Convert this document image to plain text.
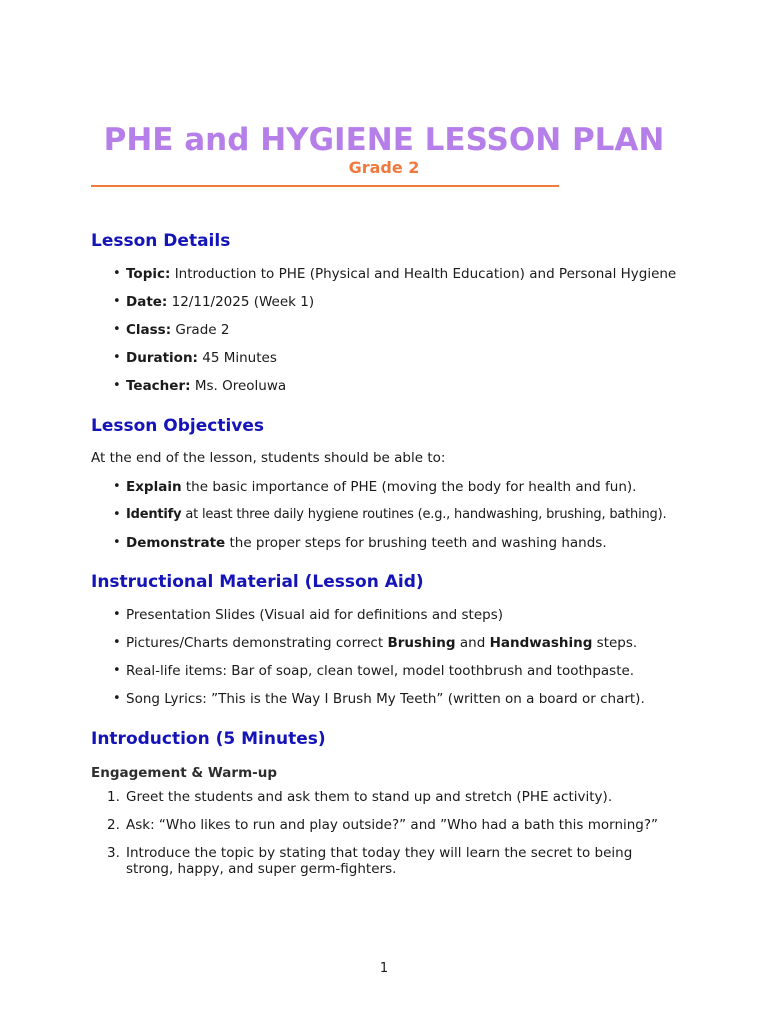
PHE and HYGIENE LESSON PLAN
Grade 2
Lesson Details
• Topic: Introduction to PHE (Physical and Health Education) and Personal Hygiene
• Date: 12/11/2025 (Week 1)
• Class: Grade 2
• Duration: 45 Minutes
• Teacher: Ms. Oreoluwa
Lesson Objectives

At the end of the lesson, students should be able to:

• Explain the basic importance of PHE (moving the body for health and fun).
• Identify at least three daily hygiene routines (e.g., handwashing, brushing, bathing).
• Demonstrate the proper steps for brushing teeth and washing hands.
Instructional Material (Lesson Aid)
• Presentation Slides (Visual aid for definitions and steps)
• Pictures/Charts demonstrating correct Brushing and Handwashing steps.
• Real-life items: Bar of soap, clean towel, model toothbrush and toothpaste.
• Song Lyrics: ”This is the Way I Brush My Teeth” (written on a board or chart).
Introduction (5 Minutes)
Engagement & Warm-up
1. Greet the students and ask them to stand up and stretch (PHE activity).
2. Ask: “Who likes to run and play outside?” and ”Who had a bath this morning?”
3. Introduce the topic by stating that today they will learn the secret to being strong, happy, and super germ-fighters.
1
